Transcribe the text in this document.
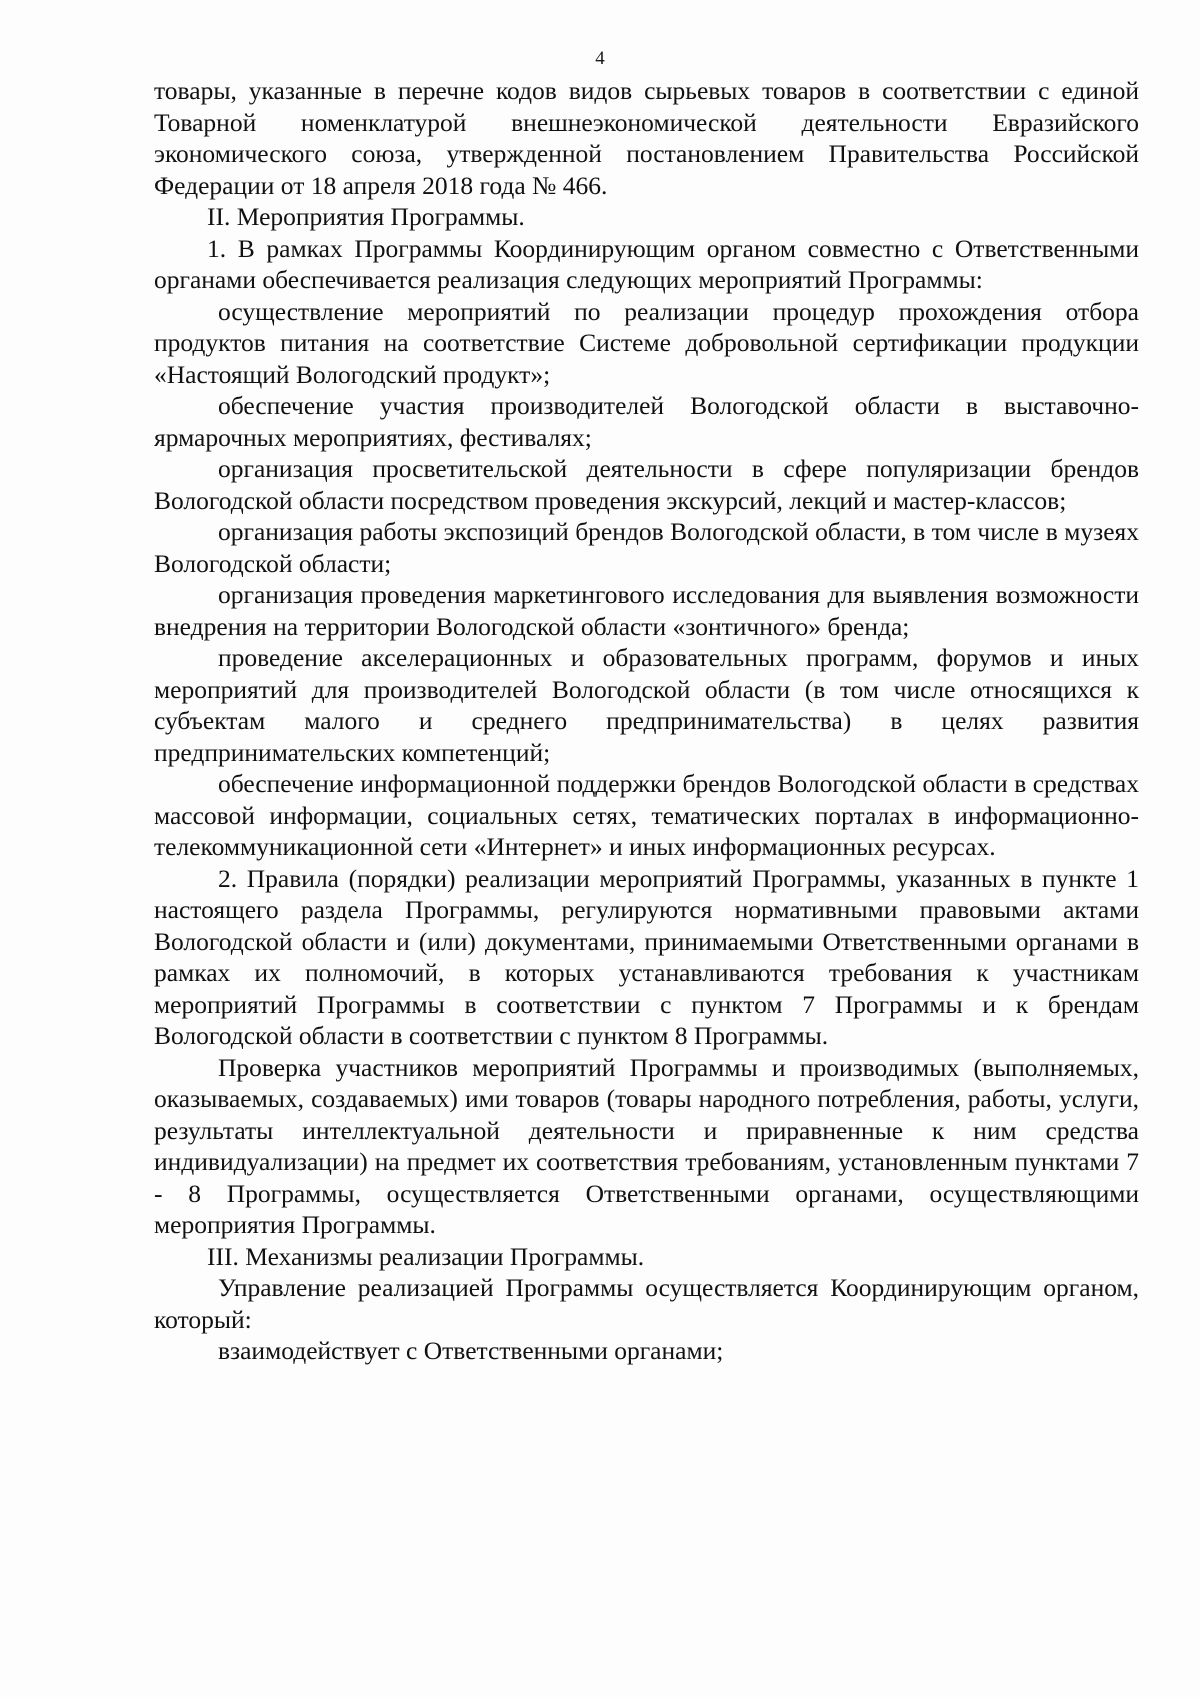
4

товары, указанные в перечне кодов видов сырьевых товаров в соответствии с единой Товарной номенклатурой внешнеэкономической деятельности Евразийского экономического союза, утвержденной постановлением Правительства Российской Федерации от 18 апреля 2018 года № 466.

II. Мероприятия Программы.

1. В рамках Программы Координирующим органом совместно с Ответственными органами обеспечивается реализация следующих мероприятий Программы:

осуществление мероприятий по реализации процедур прохождения отбора продуктов питания на соответствие Системе добровольной сертификации продукции «Настоящий Вологодский продукт»;

обеспечение участия производителей Вологодской области в выставочно-ярмарочных мероприятиях, фестивалях;

организация просветительской деятельности в сфере популяризации брендов Вологодской области посредством проведения экскурсий, лекций и мастер-классов;

организация работы экспозиций брендов Вологодской области, в том числе в музеях Вологодской области;

организация проведения маркетингового исследования для выявления возможности внедрения на территории Вологодской области «зонтичного» бренда;

проведение акселерационных и образовательных программ, форумов и иных мероприятий для производителей Вологодской области (в том числе относящихся к субъектам малого и среднего предпринимательства) в целях развития предпринимательских компетенций;

обеспечение информационной поддержки брендов Вологодской области в средствах массовой информации, социальных сетях, тематических порталах в информационно-телекоммуникационной сети «Интернет» и иных информационных ресурсах.

2. Правила (порядки) реализации мероприятий Программы, указанных в пункте 1 настоящего раздела Программы, регулируются нормативными правовыми актами Вологодской области и (или) документами, принимаемыми Ответственными органами в рамках их полномочий, в которых устанавливаются требования к участникам мероприятий Программы в соответствии с пунктом 7 Программы и к брендам Вологодской области в соответствии с пунктом 8 Программы.

Проверка участников мероприятий Программы и производимых (выполняемых, оказываемых, создаваемых) ими товаров (товары народного потребления, работы, услуги, результаты интеллектуальной деятельности и приравненные к ним средства индивидуализации) на предмет их соответствия требованиям, установленным пунктами 7 - 8 Программы, осуществляется Ответственными органами, осуществляющими мероприятия Программы.

III. Механизмы реализации Программы.

Управление реализацией Программы осуществляется Координирующим органом, который:

взаимодействует с Ответственными органами;
